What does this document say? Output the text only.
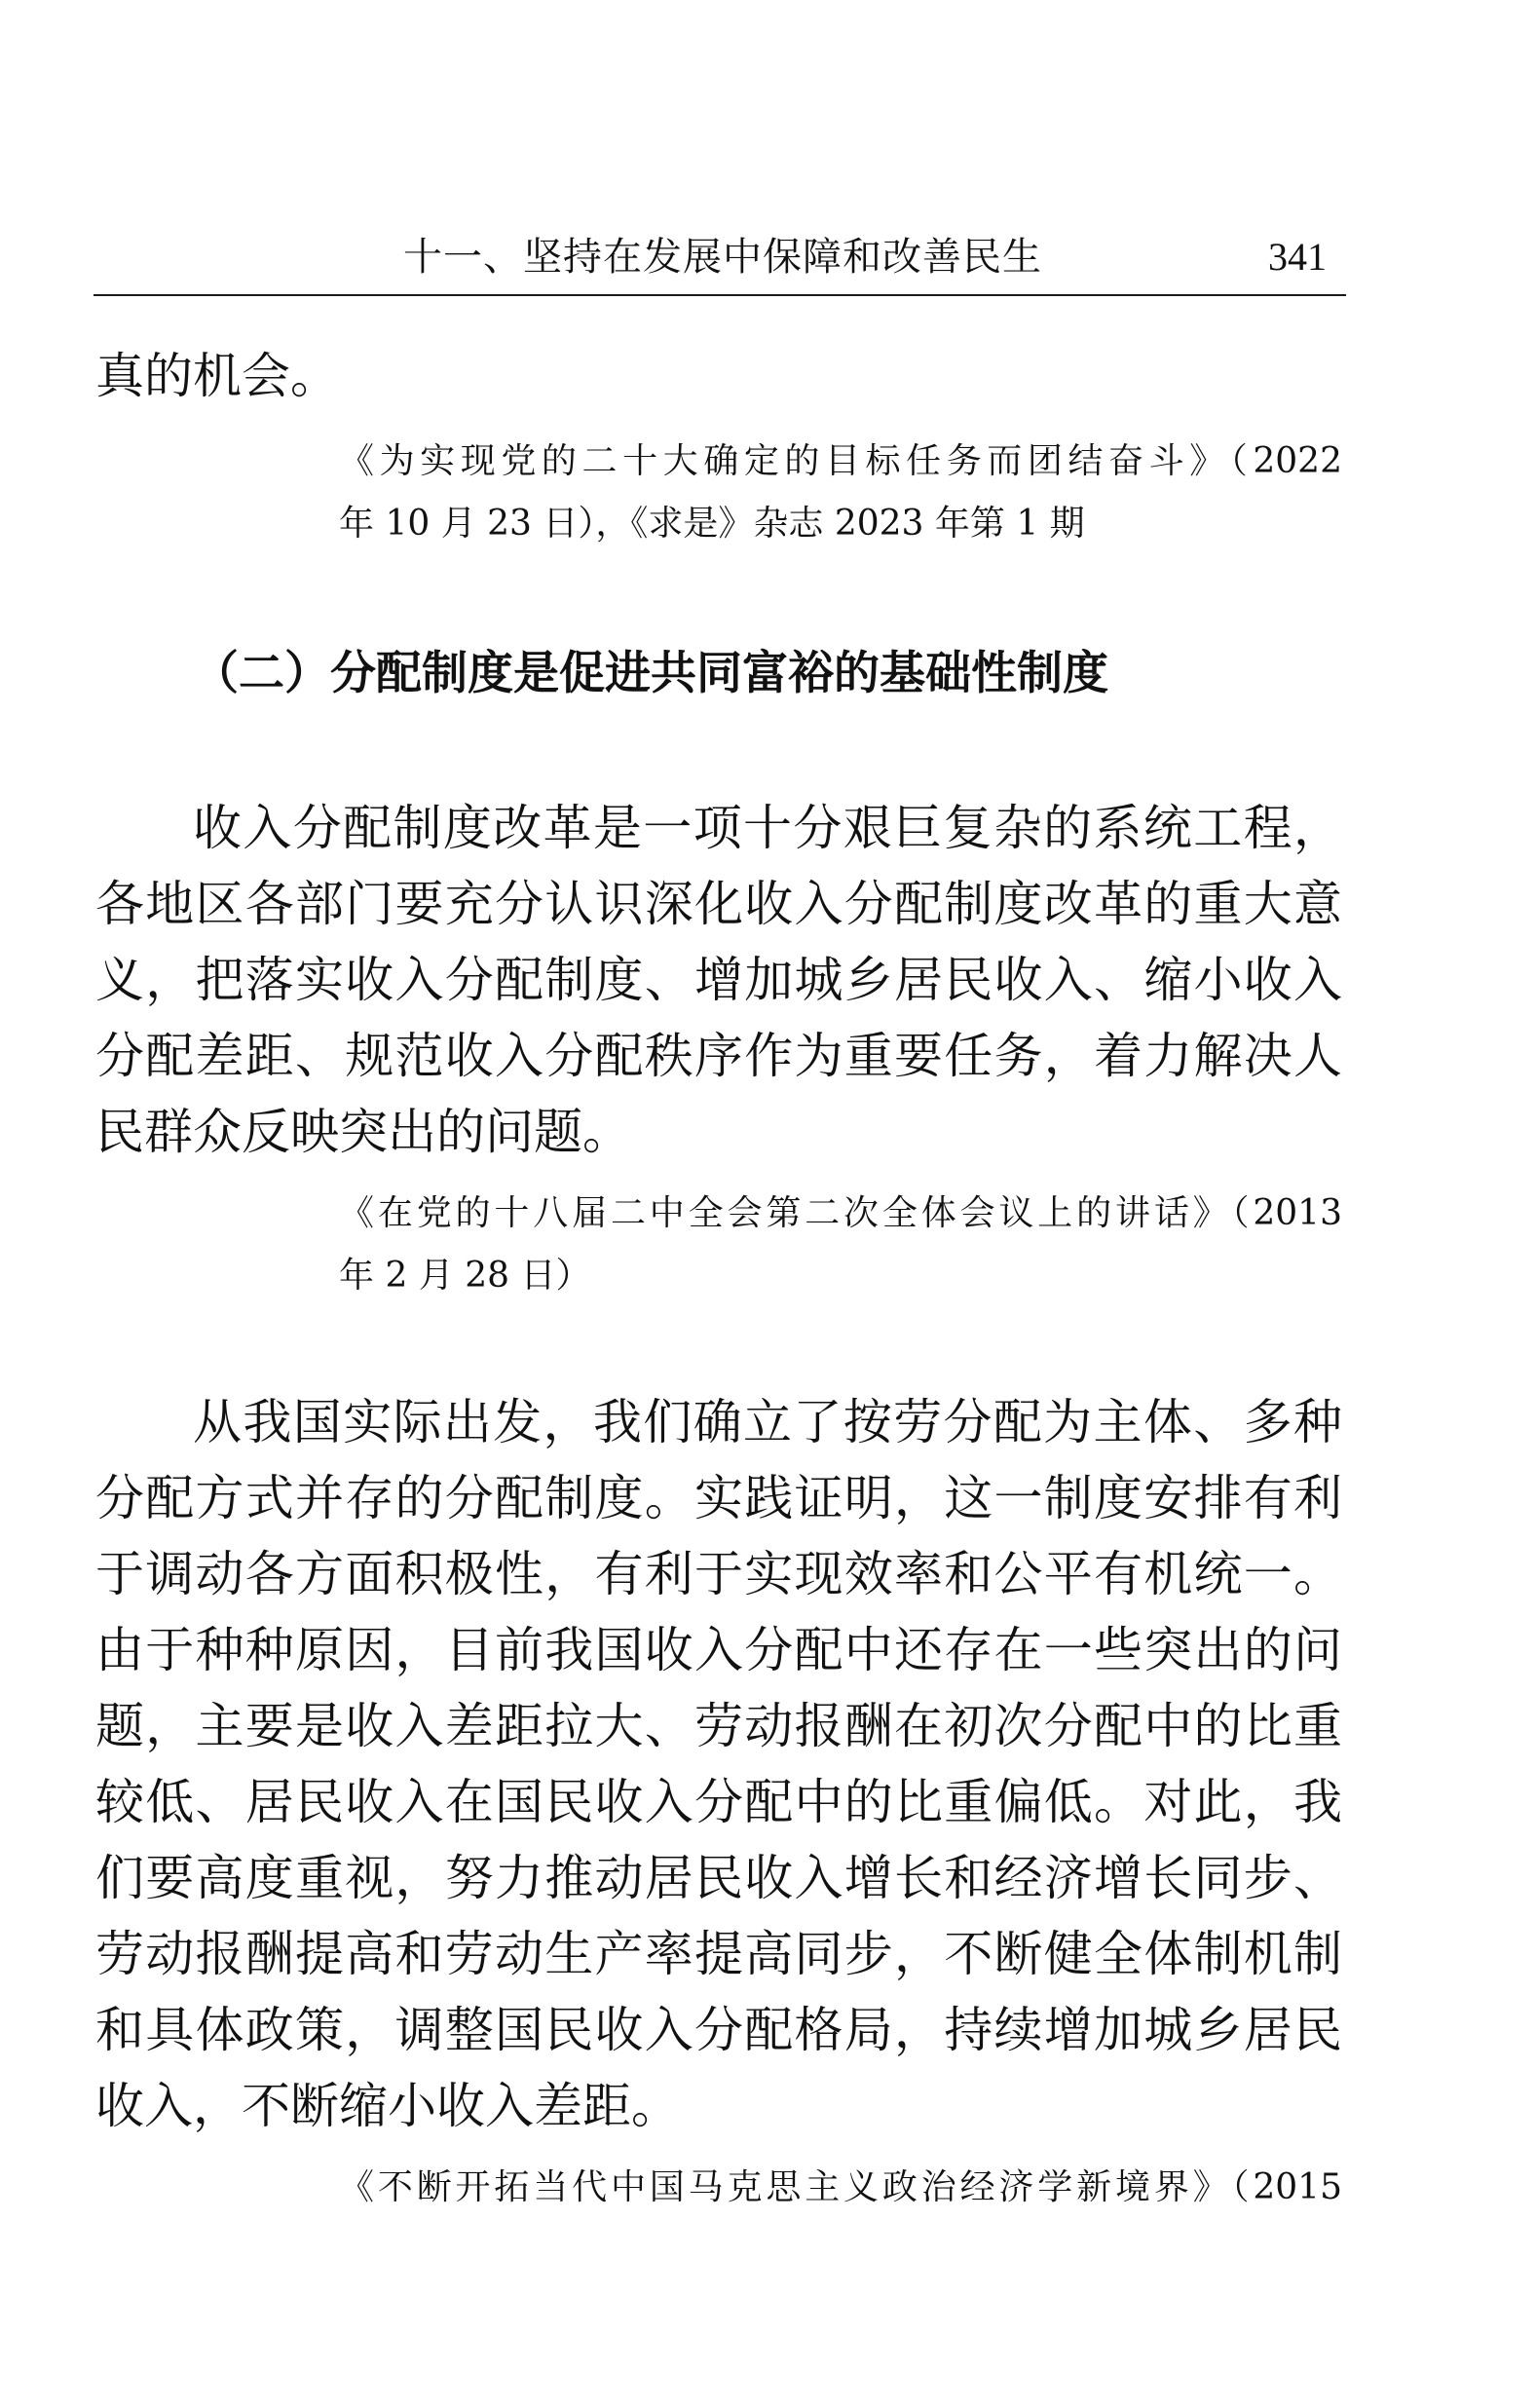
十一、坚持在发展中保障和改善民生	341
真的机会。
《为实现党的二十大确定的目标任务而团结奋斗》（2022
年 10 月 23 日），《求是》杂志 2023 年第 1 期
（二）分配制度是促进共同富裕的基础性制度
收入分配制度改革是一项十分艰巨复杂的系统工程，
各地区各部门要充分认识深化收入分配制度改革的重大意
义，把落实收入分配制度、增加城乡居民收入、缩小收入
分配差距、规范收入分配秩序作为重要任务，着力解决人
民群众反映突出的问题。
《在党的十八届二中全会第二次全体会议上的讲话》（2013
年 2 月 28 日）
从我国实际出发，我们确立了按劳分配为主体、多种
分配方式并存的分配制度。实践证明，这一制度安排有利
于调动各方面积极性，有利于实现效率和公平有机统一。
由于种种原因，目前我国收入分配中还存在一些突出的问
题，主要是收入差距拉大、劳动报酬在初次分配中的比重
较低、居民收入在国民收入分配中的比重偏低。对此，我
们要高度重视，努力推动居民收入增长和经济增长同步、
劳动报酬提高和劳动生产率提高同步，不断健全体制机制
和具体政策，调整国民收入分配格局，持续增加城乡居民
收入，不断缩小收入差距。
《不断开拓当代中国马克思主义政治经济学新境界》（2015
